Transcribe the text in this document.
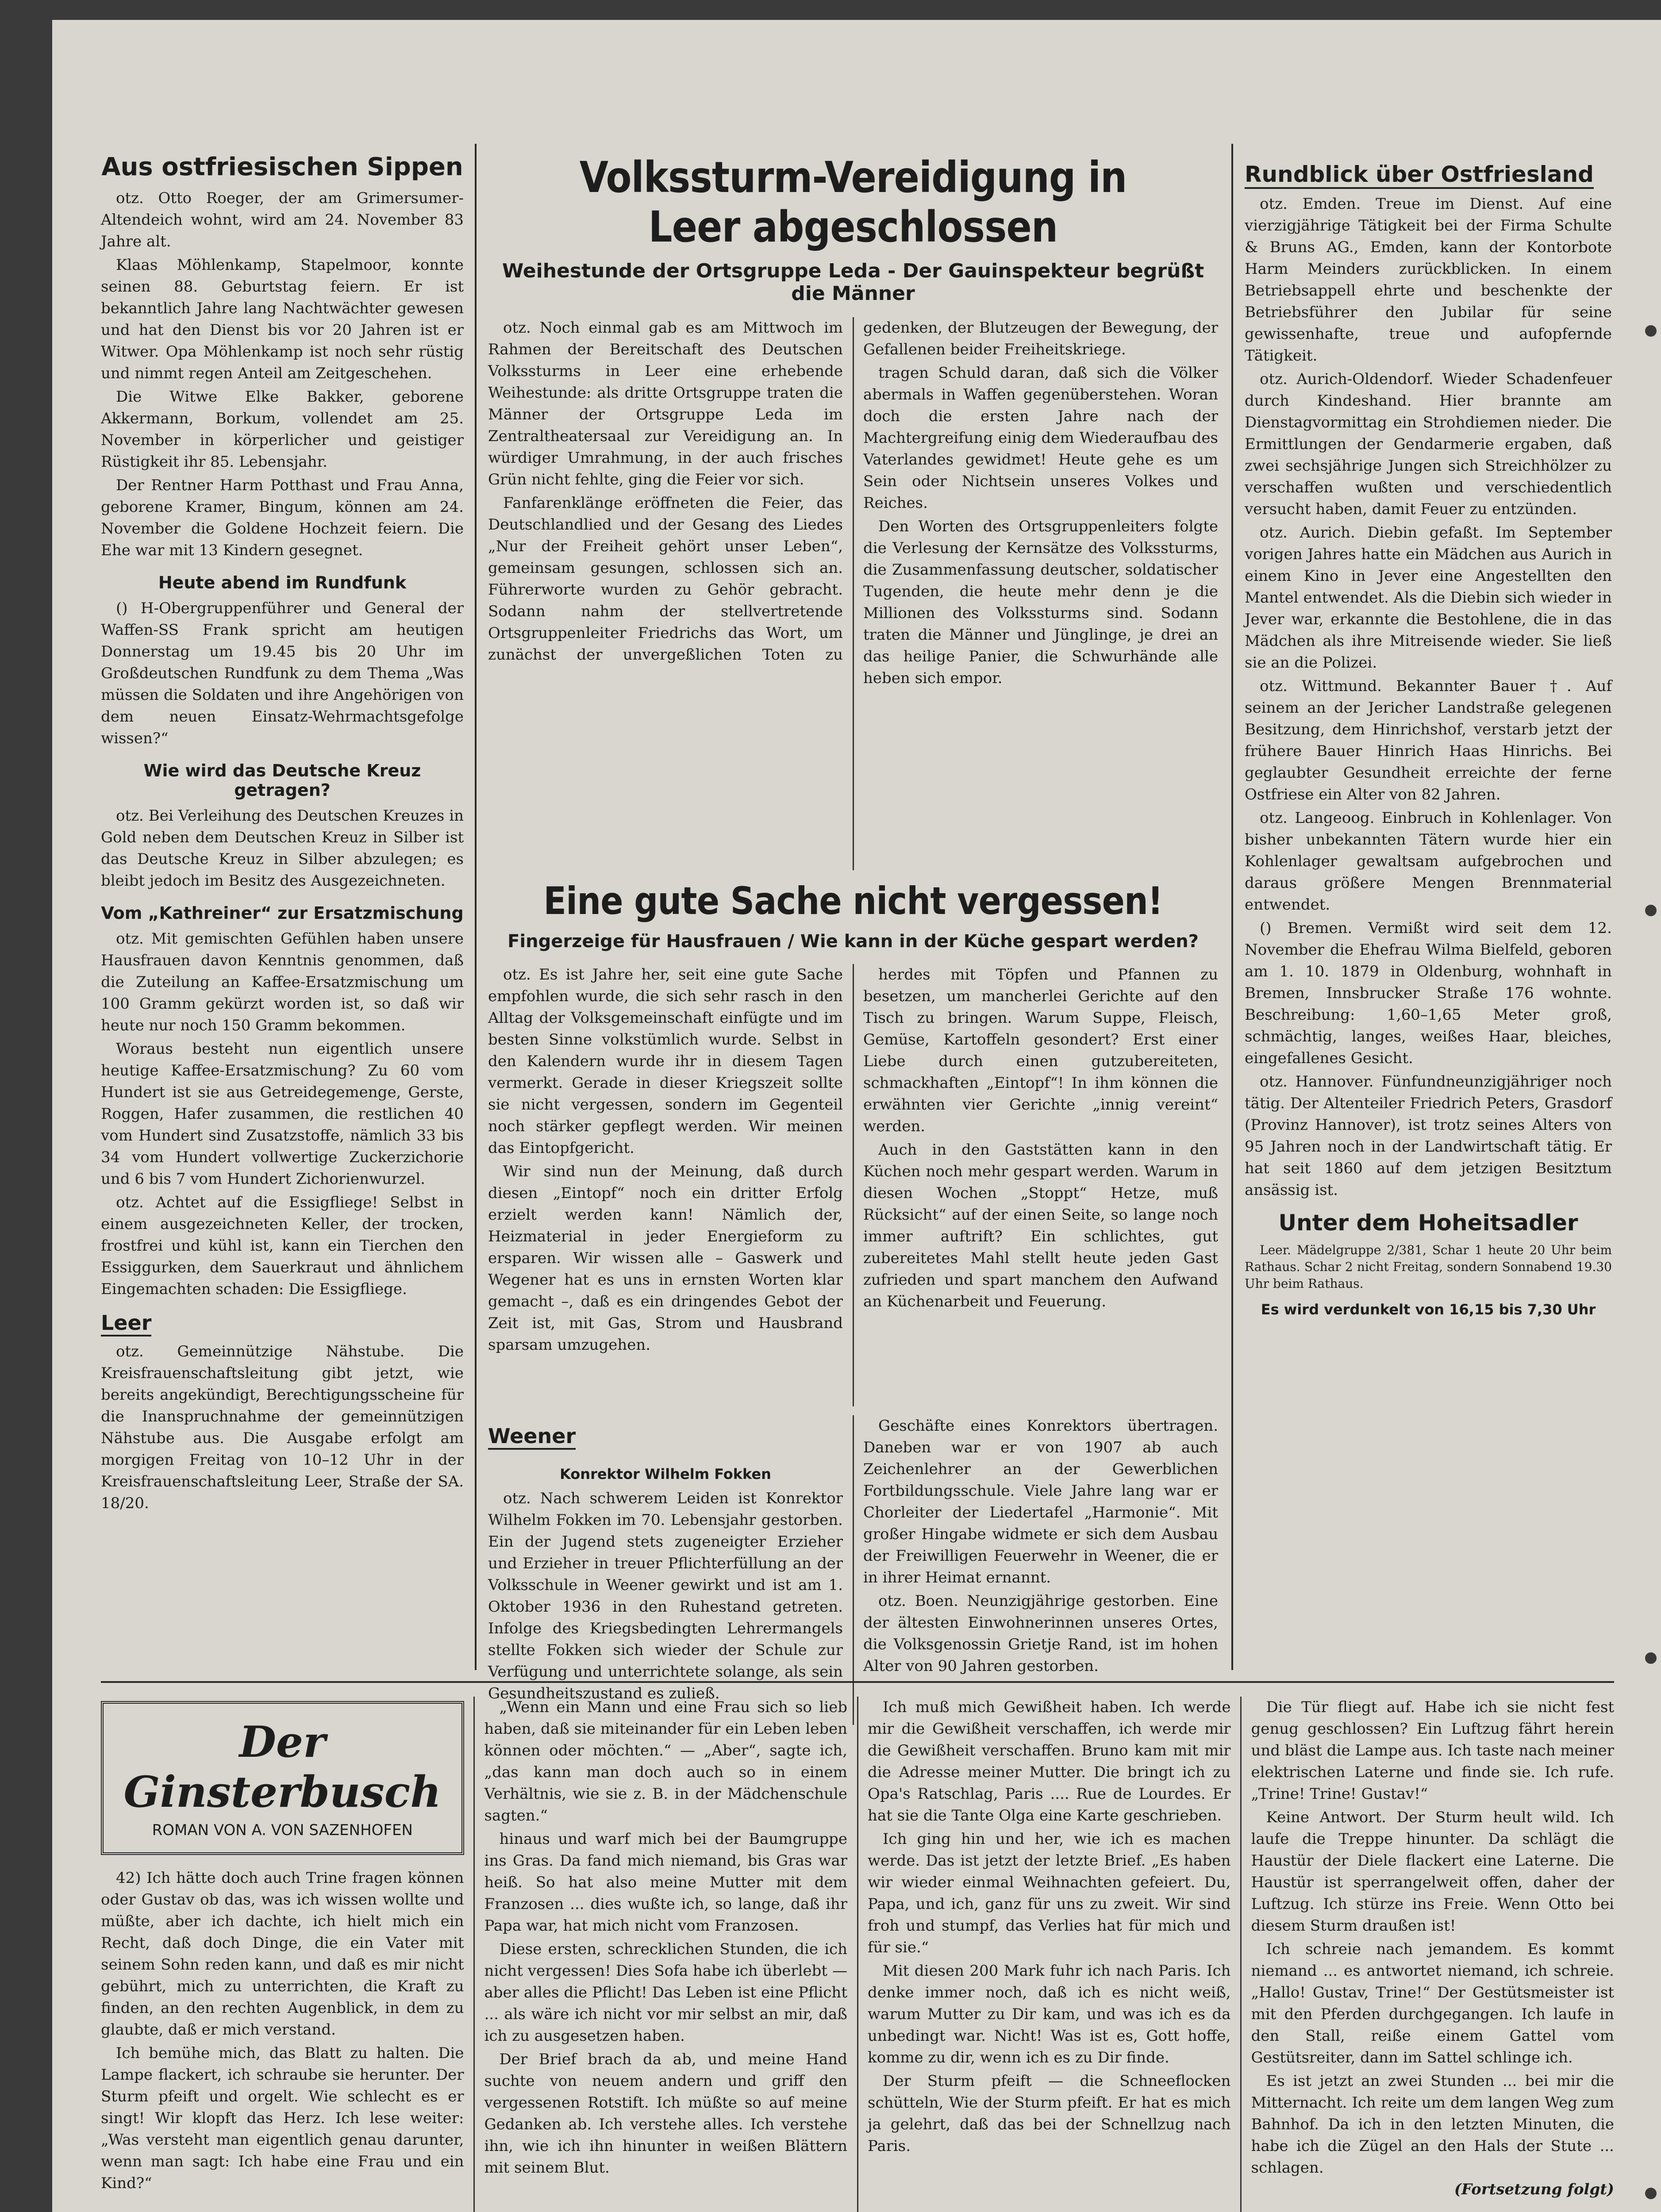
Aus ostfriesischen Sippen

otz. Otto Roeger, der am Grimersumer-Altendeich wohnt, wird am 24. November 83 Jahre alt.

Klaas Möhlenkamp, Stapelmoor, konnte seinen 88. Geburtstag feiern. Er ist bekanntlich Jahre lang Nachtwächter gewesen und hat den Dienst bis vor 20 Jahren ist er Witwer. Opa Möhlenkamp ist noch sehr rüstig und nimmt regen Anteil am Zeitgeschehen.

Die Witwe Elke Bakker, geborene Akkermann, Borkum, vollendet am 25. November in körperlicher und geistiger Rüstigkeit ihr 85. Lebensjahr.

Der Rentner Harm Potthast und Frau Anna, geborene Kramer, Bingum, können am 24. November die Goldene Hochzeit feiern. Die Ehe war mit 13 Kindern gesegnet.

Heute abend im Rundfunk

() H-Obergruppenführer und General der Waffen-SS Frank spricht am heutigen Donnerstag um 19.45 bis 20 Uhr im Großdeutschen Rundfunk zu dem Thema „Was müssen die Soldaten und ihre Angehörigen von dem neuen Einsatz-Wehrmachtsgefolge wissen?“

Wie wird das Deutsche Kreuz getragen?

otz. Bei Verleihung des Deutschen Kreuzes in Gold neben dem Deutschen Kreuz in Silber ist das Deutsche Kreuz in Silber abzulegen; es bleibt jedoch im Besitz des Ausgezeichneten.

Vom „Kathreiner“ zur Ersatzmischung

otz. Mit gemischten Gefühlen haben unsere Hausfrauen davon Kenntnis genommen, daß die Zuteilung an Kaffee-Ersatzmischung um 100 Gramm gekürzt worden ist, so daß wir heute nur noch 150 Gramm bekommen.

Woraus besteht nun eigentlich unsere heutige Kaffee-Ersatzmischung? Zu 60 vom Hundert ist sie aus Getreidegemenge, Gerste, Roggen, Hafer zusammen, die restlichen 40 vom Hundert sind Zusatzstoffe, nämlich 33 bis 34 vom Hundert vollwertige Zuckerzichorie und 6 bis 7 vom Hundert Zichorienwurzel.

otz. Achtet auf die Essigfliege! Selbst in einem ausgezeichneten Keller, der trocken, frostfrei und kühl ist, kann ein Tierchen den Essiggurken, dem Sauerkraut und ähnlichem Eingemachten schaden: Die Essigfliege.

Leer

otz. Gemeinnützige Nähstube. Die Kreisfrauenschaftsleitung gibt jetzt, wie bereits angekündigt, Berechtigungsscheine für die Inanspruchnahme der gemeinnützigen Nähstube aus. Die Ausgabe erfolgt am morgigen Freitag von 10–12 Uhr in der Kreisfrauenschaftsleitung Leer, Straße der SA. 18/20.

Volkssturm-Vereidigung in Leer abgeschlossen
Weihestunde der Ortsgruppe Leda - Der Gauinspekteur begrüßt die Männer

otz. Noch einmal gab es am Mittwoch im Rahmen der Bereitschaft des Deutschen Volkssturms in Leer eine erhebende Weihestunde: als dritte Ortsgruppe traten die Männer der Ortsgruppe Leda im Zentraltheatersaal zur Vereidigung an. In würdiger Umrahmung, in der auch frisches Grün nicht fehlte, ging die Feier vor sich.

Fanfarenklänge eröffneten die Feier, das Deutschlandlied und der Gesang des Liedes „Nur der Freiheit gehört unser Leben“, gemeinsam gesungen, schlossen sich an. Führerworte wurden zu Gehör gebracht. Sodann nahm der stellvertretende Ortsgruppenleiter Friedrichs das Wort, um zunächst der unvergeßlichen Toten zu gedenken, der Blutzeugen der Bewegung, der Gefallenen beider Freiheitskriege.

tragen Schuld daran, daß sich die Völker abermals in Waffen gegenüberstehen. Woran doch die ersten Jahre nach der Machtergreifung einig dem Wiederaufbau des Vaterlandes gewidmet! Heute gehe es um Sein oder Nichtsein unseres Volkes und Reiches.

Den Worten des Ortsgruppenleiters folgte die Verlesung der Kernsätze des Volkssturms, die Zusammenfassung deutscher, soldatischer Tugenden, die heute mehr denn je die Millionen des Volkssturms sind. Sodann traten die Männer und Jünglinge, je drei an das heilige Panier, die Schwurhände alle heben sich empor.

Eine gute Sache nicht vergessen!
Fingerzeige für Hausfrauen / Wie kann in der Küche gespart werden?

otz. Es ist Jahre her, seit eine gute Sache empfohlen wurde, die sich sehr rasch in den Alltag der Volksgemeinschaft einfügte und im besten Sinne volkstümlich wurde. Selbst in den Kalendern wurde ihr in diesem Tagen vermerkt. Gerade in dieser Kriegszeit sollte sie nicht vergessen, sondern im Gegenteil noch stärker gepflegt werden. Wir meinen das Eintopfgericht.

Wir sind nun der Meinung, daß durch diesen „Eintopf“ noch ein dritter Erfolg erzielt werden kann! Nämlich der, Heizmaterial in jeder Energieform zu ersparen. Wir wissen alle – Gaswerk und Wegener hat es uns in ernsten Worten klar gemacht –, daß es ein dringendes Gebot der Zeit ist, mit Gas, Strom und Hausbrand sparsam umzugehen.

herdes mit Töpfen und Pfannen zu besetzen, um mancherlei Gerichte auf den Tisch zu bringen. Warum Suppe, Fleisch, Gemüse, Kartoffeln gesondert? Erst einer Liebe durch einen gutzubereiteten, schmackhaften „Eintopf“! In ihm können die erwähnten vier Gerichte „innig vereint“ werden.

Auch in den Gaststätten kann in den Küchen noch mehr gespart werden. Warum in diesen Wochen „Stoppt“ Hetze, muß Rücksicht“ auf der einen Seite, so lange noch immer auftrift? Ein schlichtes, gut zubereitetes Mahl stellt heute jeden Gast zufrieden und spart manchem den Aufwand an Küchenarbeit und Feuerung.

Weener
Konrektor Wilhelm Fokken

otz. Nach schwerem Leiden ist Konrektor Wilhelm Fokken im 70. Lebensjahr gestorben. Ein der Jugend stets zugeneigter Erzieher und Erzieher in treuer Pflichterfüllung an der Volksschule in Weener gewirkt und ist am 1. Oktober 1936 in den Ruhestand getreten. Infolge des Kriegsbedingten Lehrermangels stellte Fokken sich wieder der Schule zur Verfügung und unterrichtete solange, als sein Gesundheitszustand es zuließ.

Geschäfte eines Konrektors übertragen. Daneben war er von 1907 ab auch Zeichenlehrer an der Gewerblichen Fortbildungsschule. Viele Jahre lang war er Chorleiter der Liedertafel „Harmonie“. Mit großer Hingabe widmete er sich dem Ausbau der Freiwilligen Feuerwehr in Weener, die er in ihrer Heimat ernannt.

otz. Boen. Neunzigjährige gestorben. Eine der ältesten Einwohnerinnen unseres Ortes, die Volksgenossin Grietje Rand, ist im hohen Alter von 90 Jahren gestorben.

Rundblick über Ostfriesland

otz. Emden. Treue im Dienst. Auf eine vierzigjährige Tätigkeit bei der Firma Schulte & Bruns AG., Emden, kann der Kontorbote Harm Meinders zurückblicken. In einem Betriebsappell ehrte und beschenkte der Betriebsführer den Jubilar für seine gewissenhafte, treue und aufopfernde Tätigkeit.

otz. Aurich-Oldendorf. Wieder Schadenfeuer durch Kindeshand. Hier brannte am Dienstagvormittag ein Strohdiemen nieder. Die Ermittlungen der Gendarmerie ergaben, daß zwei sechsjährige Jungen sich Streichhölzer zu verschaffen wußten und verschiedentlich versucht haben, damit Feuer zu entzünden.

otz. Aurich. Diebin gefaßt. Im September vorigen Jahres hatte ein Mädchen aus Aurich in einem Kino in Jever eine Angestellten den Mantel entwendet. Als die Diebin sich wieder in Jever war, erkannte die Bestohlene, die in das Mädchen als ihre Mitreisende wieder. Sie ließ sie an die Polizei.

otz. Wittmund. Bekannter Bauer †. Auf seinem an der Jericher Landstraße gelegenen Besitzung, dem Hinrichshof, verstarb jetzt der frühere Bauer Hinrich Haas Hinrichs. Bei geglaubter Gesundheit erreichte der ferne Ostfriese ein Alter von 82 Jahren.

otz. Langeoog. Einbruch in Kohlenlager. Von bisher unbekannten Tätern wurde hier ein Kohlenlager gewaltsam aufgebrochen und daraus größere Mengen Brennmaterial entwendet.

() Bremen. Vermißt wird seit dem 12. November die Ehefrau Wilma Bielfeld, geboren am 1. 10. 1879 in Oldenburg, wohnhaft in Bremen, Innsbrucker Straße 176 wohnte. Beschreibung: 1,60–1,65 Meter groß, schmächtig, langes, weißes Haar, bleiches, eingefallenes Gesicht.

otz. Hannover. Fünfundneunzigjähriger noch tätig. Der Altenteiler Friedrich Peters, Grasdorf (Provinz Hannover), ist trotz seines Alters von 95 Jahren noch in der Landwirtschaft tätig. Er hat seit 1860 auf dem jetzigen Besitztum ansässig ist.

Unter dem Hoheitsadler

Leer. Mädelgruppe 2/381, Schar 1 heute 20 Uhr beim Rathaus. Schar 2 nicht Freitag, sondern Sonnabend 19.30 Uhr beim Rathaus.

Es wird verdunkelt von 16,15 bis 7,30 Uhr
Der Ginsterbusch
ROMAN VON A. VON SAZENHOFEN

42) Ich hätte doch auch Trine fragen können oder Gustav ob das, was ich wissen wollte und müßte, aber ich dachte, ich hielt mich ein Recht, daß doch Dinge, die ein Vater mit seinem Sohn reden kann, und daß es mir nicht gebührt, mich zu unterrichten, die Kraft zu finden, an den rechten Augenblick, in dem zu glaubte, daß er mich verstand.

Ich bemühe mich, das Blatt zu halten. Die Lampe flackert, ich schraube sie herunter. Der Sturm pfeift und orgelt. Wie schlecht es er singt! Wir klopft das Herz. Ich lese weiter: „Was versteht man eigentlich genau darunter, wenn man sagt: Ich habe eine Frau und ein Kind?“

„Wenn ein Mann und eine Frau sich so lieb haben, daß sie miteinander für ein Leben leben können oder möchten.“ — „Aber“, sagte ich, „das kann man doch auch so in einem Verhältnis, wie sie z. B. in der Mädchenschule sagten.“

hinaus und warf mich bei der Baumgruppe ins Gras. Da fand mich niemand, bis Gras war heiß. So hat also meine Mutter mit dem Franzosen ... dies wußte ich, so lange, daß ihr Papa war, hat mich nicht vom Franzosen.

Diese ersten, schrecklichen Stunden, die ich nicht vergessen! Dies Sofa habe ich überlebt — aber alles die Pflicht! Das Leben ist eine Pflicht ... als wäre ich nicht vor mir selbst an mir, daß ich zu ausgesetzen haben.

Der Brief brach da ab, und meine Hand suchte von neuem andern und griff den vergessenen Rotstift. Ich müßte so auf meine Gedanken ab. Ich verstehe alles. Ich verstehe ihn, wie ich ihn hinunter in weißen Blättern mit seinem Blut.

Ich muß mich Gewißheit haben. Ich werde mir die Gewißheit verschaffen, ich werde mir die Gewißheit verschaffen. Bruno kam mit mir die Adresse meiner Mutter. Die bringt ich zu Opa's Ratschlag, Paris .... Rue de Lourdes. Er hat sie die Tante Olga eine Karte geschrieben.

Ich ging hin und her, wie ich es machen werde. Das ist jetzt der letzte Brief. „Es haben wir wieder einmal Weihnachten gefeiert. Du, Papa, und ich, ganz für uns zu zweit. Wir sind froh und stumpf, das Verlies hat für mich und für sie.“

Mit diesen 200 Mark fuhr ich nach Paris. Ich denke immer noch, daß ich es nicht weiß, warum Mutter zu Dir kam, und was ich es da unbedingt war. Nicht! Was ist es, Gott hoffe, komme zu dir, wenn ich es zu Dir finde.

Der Sturm pfeift — die Schneeflocken schütteln, Wie der Sturm pfeift. Er hat es mich ja gelehrt, daß das bei der Schnellzug nach Paris.

Die Tür fliegt auf. Habe ich sie nicht fest genug geschlossen? Ein Luftzug fährt herein und bläst die Lampe aus. Ich taste nach meiner elektrischen Laterne und finde sie. Ich rufe. „Trine! Trine! Gustav!“

Keine Antwort. Der Sturm heult wild. Ich laufe die Treppe hinunter. Da schlägt die Haustür der Diele flackert eine Laterne. Die Haustür ist sperrangelweit offen, daher der Luftzug. Ich stürze ins Freie. Wenn Otto bei diesem Sturm draußen ist!

Ich schreie nach jemandem. Es kommt niemand ... es antwortet niemand, ich schreie. „Hallo! Gustav, Trine!“ Der Gestütsmeister ist mit den Pferden durchgegangen. Ich laufe in den Stall, reiße einem Gattel vom Gestütsreiter, dann im Sattel schlinge ich.

Es ist jetzt an zwei Stunden ... bei mir die Mitternacht. Ich reite um dem langen Weg zum Bahnhof. Da ich in den letzten Minuten, die habe ich die Zügel an den Hals der Stute ... schlagen.

(Fortsetzung folgt)
